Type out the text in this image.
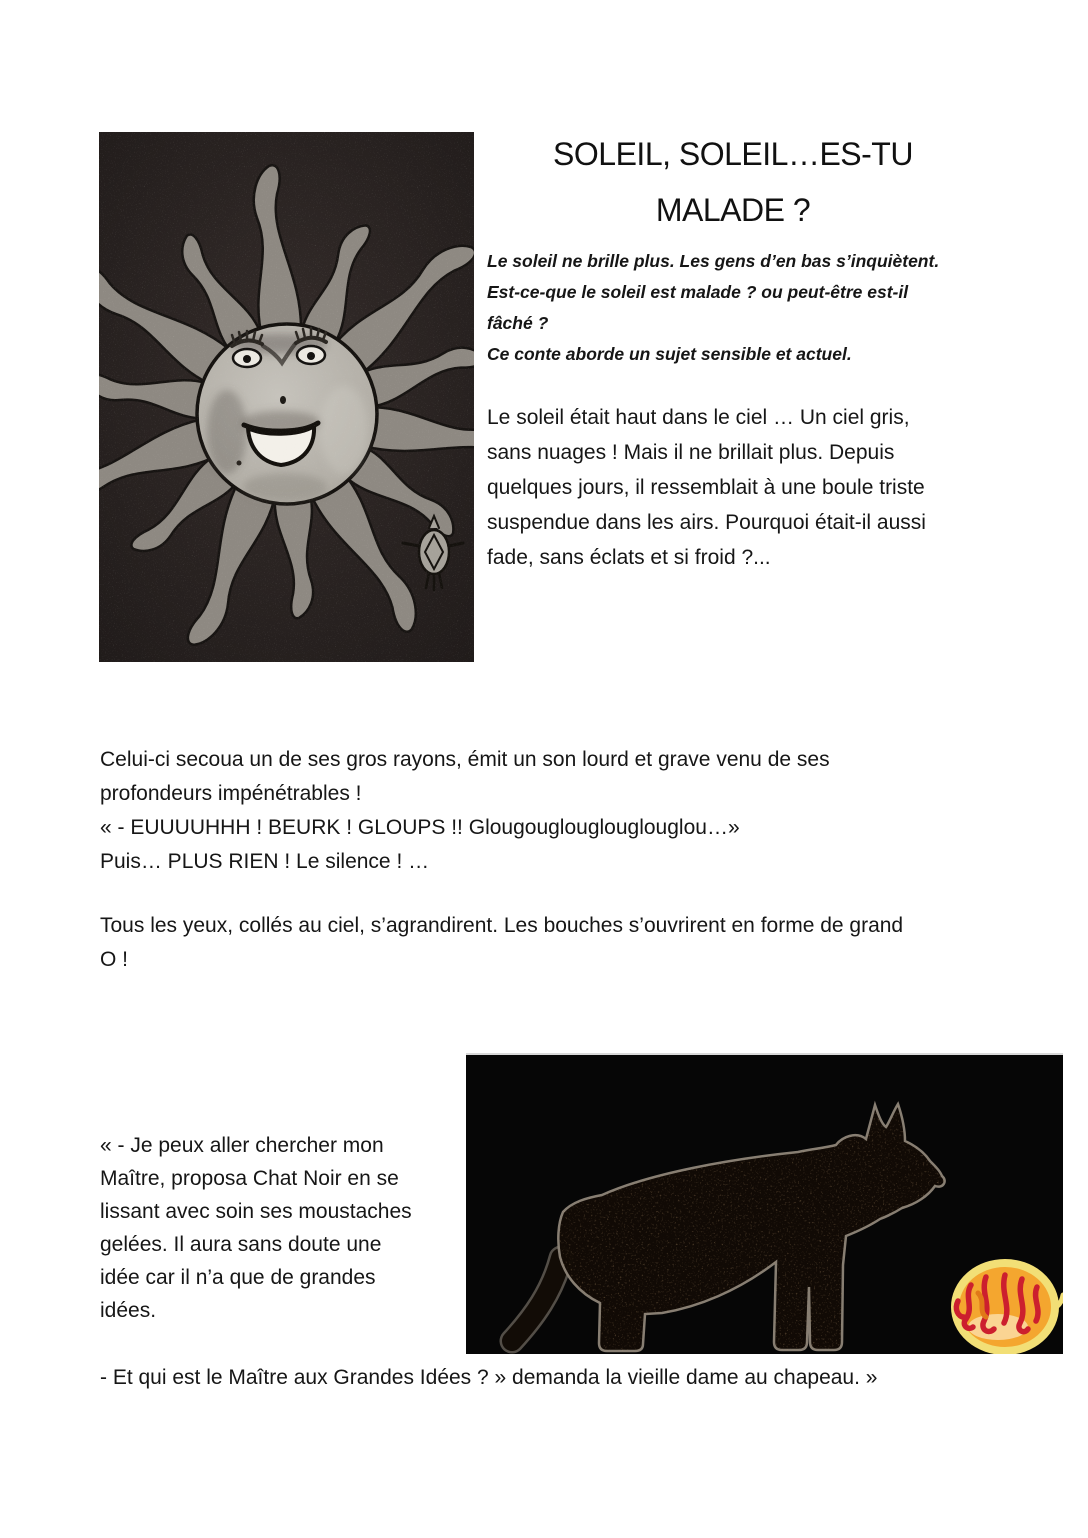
SOLEIL, SOLEIL…ES-TU
MALADE ?
Le soleil ne brille plus. Les gens d’en bas s’inquiètent.
Est-ce-que le soleil est malade ? ou peut-être est-il
fâché ?
Ce conte aborde un sujet sensible et actuel.
Le soleil était haut dans le ciel … Un ciel gris,
sans nuages ! Mais il ne brillait plus. Depuis
quelques jours, il ressemblait à une boule triste
suspendue dans les airs. Pourquoi était-il aussi
fade, sans éclats et si froid ?...
Celui-ci secoua un de ses gros rayons, émit un son lourd et grave venu de ses
profondeurs impénétrables !
« - EUUUUHHH ! BEURK ! GLOUPS !! Glougouglouglouglouglou…»
Puis… PLUS RIEN ! Le silence ! …
Tous les yeux, collés au ciel, s’agrandirent. Les bouches s’ouvrirent en forme de grand
O !
« - Je peux aller chercher mon
Maître, proposa Chat Noir en se
lissant avec soin ses moustaches
gelées. Il aura sans doute une
idée car il n’a que de grandes
idées.
- Et qui est le Maître aux Grandes Idées ? » demanda la vieille dame au chapeau. »
